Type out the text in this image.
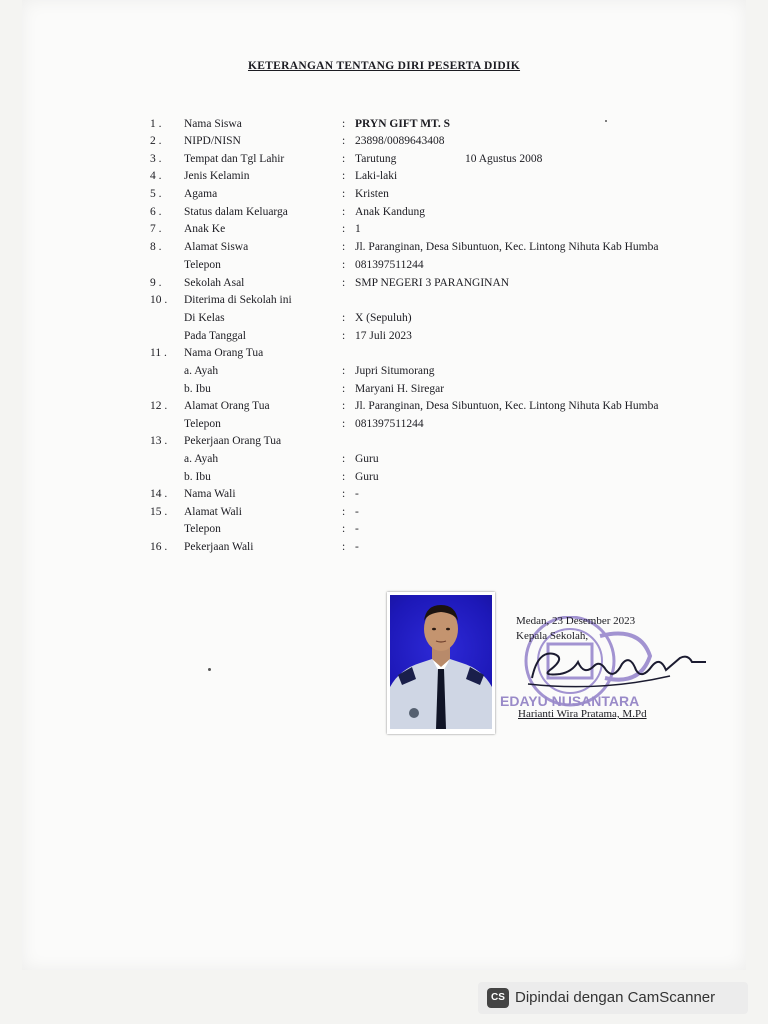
KETERANGAN TENTANG DIRI PESERTA DIDIK
1 .	Nama Siswa	: PRYN GIFT MT. S
2 .	NIPD/NISN	: 23898/0089643408
3 .	Tempat dan Tgl Lahir	: Tarutung	10 Agustus 2008
4 .	Jenis Kelamin	: Laki-laki
5 .	Agama	: Kristen
6 .	Status dalam Keluarga	: Anak Kandung
7 .	Anak Ke	: 1
8 .	Alamat Siswa	: Jl. Paranginan, Desa Sibuntuon, Kec. Lintong Nihuta Kab Humba
Telepon	: 081397511244
9 .	Sekolah Asal	: SMP NEGERI 3 PARANGINAN
10 .	Diterima di Sekolah ini
Di Kelas	: X (Sepuluh)
Pada Tanggal	: 17 Juli 2023
11 .	Nama Orang Tua
a. Ayah	: Jupri Situmorang
b. Ibu	: Maryani H. Siregar
12 .	Alamat Orang Tua	: Jl. Paranginan, Desa Sibuntuon, Kec. Lintong Nihuta Kab Humba
Telepon	: 081397511244
13 .	Pekerjaan Orang Tua
a. Ayah	: Guru
b. Ibu	: Guru
14 .	Nama Wali	: -
15 .	Alamat Wali	: -
Telepon	: -
16 .	Pekerjaan Wali	: -
EDAYU NUSANTARA
Medan, 23 Desember 2023
Kepala Sekolah,
Harianti Wira Pratama, M.Pd
CS Dipindai dengan CamScanner
